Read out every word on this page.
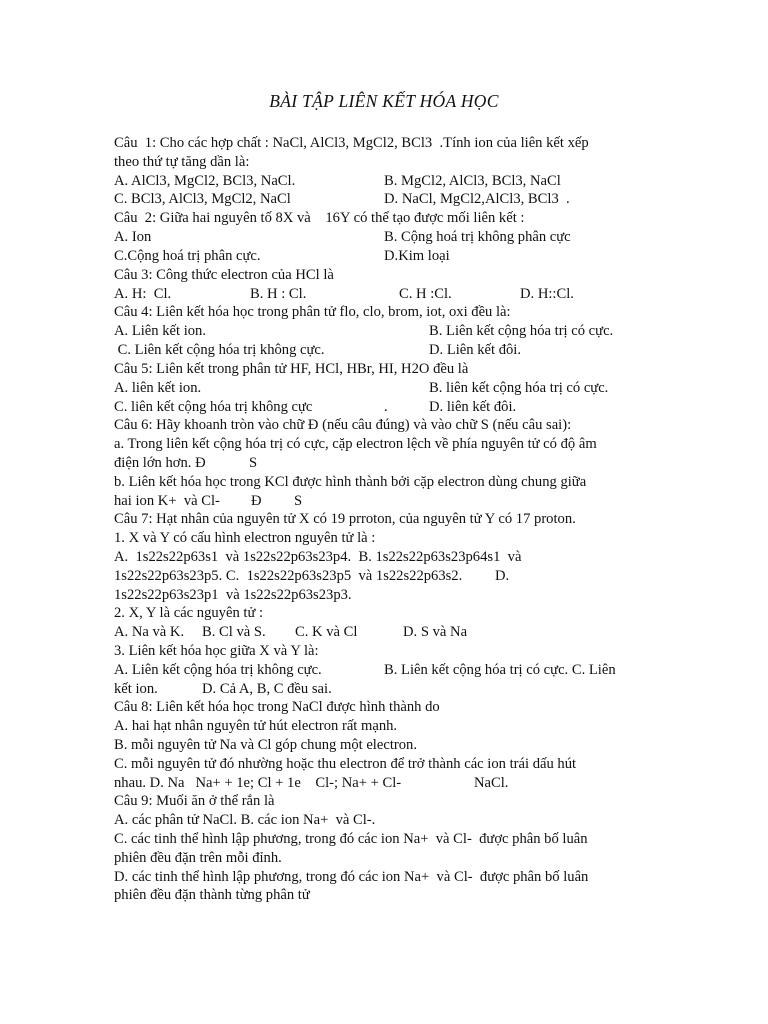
BÀI TẬP LIÊN KẾT HÓA HỌC
Câu  1: Cho các hợp chất : NaCl, AlCl3, MgCl2, BCl3  .Tính ion của liên kết xếp
theo thứ tự tăng dần là:
A. AlCl3, MgCl2, BCl3, NaCl.	B. MgCl2, AlCl3, BCl3, NaCl
C. BCl3, AlCl3, MgCl2, NaCl	D. NaCl, MgCl2,AlCl3, BCl3  .
Câu  2: Giữa hai nguyên tố 8X và    16Y có thể tạo được mối liên kết :
A. Ion	B. Cộng hoá trị không phân cực
C.Cộng hoá trị phân cực.	D.Kim loại
Câu 3: Công thức electron của HCl là
A. H:  Cl.	B. H : Cl.	C. H :Cl.	D. H::Cl.
Câu 4: Liên kết hóa học trong phân tử flo, clo, brom, iot, oxi đều là:
A. Liên kết ion.	B. Liên kết cộng hóa trị có cực.
C. Liên kết cộng hóa trị không cực.	D. Liên kết đôi.
Câu 5: Liên kết trong phân tử HF, HCl, HBr, HI, H2O đều là
A. liên kết ion.	B. liên kết cộng hóa trị có cực.
C. liên kết cộng hóa trị không cực	.	D. liên kết đôi.
Câu 6: Hãy khoanh tròn vào chữ Đ (nếu câu đúng) và vào chữ S (nếu câu sai):
a. Trong liên kết cộng hóa trị có cực, cặp electron lệch về phía nguyên tử có độ âm
điện lớn hơn. Đ	S
b. Liên kết hóa học trong KCl được hình thành bởi cặp electron dùng chung giữa
hai ion K+  và Cl- Đ S
Câu 7: Hạt nhân của nguyên tử X có 19 prroton, của nguyên tử Y có 17 proton.
1. X và Y có cấu hình electron nguyên tử là :
A.  1s22s22p63s1  và 1s22s22p63s23p4.  B. 1s22s22p63s23p64s1  và
1s22s22p63s23p5. C.  1s22s22p63s23p5  và 1s22s22p63s2. D.
1s22s22p63s23p1  và 1s22s22p63s23p3.
2. X, Y là các nguyên tử :
A. Na và K. B. Cl và S. C. K và Cl	D. S và Na
3. Liên kết hóa học giữa X và Y là:
A. Liên kết cộng hóa trị không cực.	B. Liên kết cộng hóa trị có cực. C. Liên
kết ion.	D. Cả A, B, C đều sai.
Câu 8: Liên kết hóa học trong NaCl được hình thành do
A. hai hạt nhân nguyên tử hút electron rất mạnh.
B. mỗi nguyên tử Na và Cl góp chung một electron.
C. mỗi nguyên tử đó nhường hoặc thu electron để trở thành các ion trái dấu hút
nhau. D. Na   Na+ + 1e; Cl + 1e    Cl-; Na+ + Cl-	NaCl.
Câu 9: Muối ăn ở thể rắn là
A. các phân tử NaCl. B. các ion Na+  và Cl-.
C. các tinh thể hình lập phương, trong đó các ion Na+  và Cl-  được phân bố luân
phiên đều đặn trên mỗi đỉnh.
D. các tinh thể hình lập phương, trong đó các ion Na+  và Cl-  được phân bố luân
phiên đều đặn thành từng phân tử
